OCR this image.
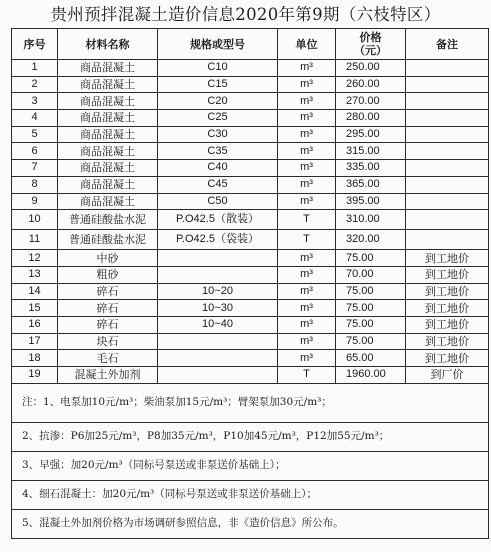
贵州预拌混凝土造价信息2020年第9期（六枝特区）
序号	材料名称	规格或型号	单位	价格（元）	备注
1	商品混凝土	C10	m³	250.00	
2	商品混凝土	C15	m³	260.00	
3	商品混凝土	C20	m³	270.00	
4	商品混凝土	C25	m³	280.00	
5	商品混凝土	C30	m³	295.00	
6	商品混凝土	C35	m³	315.00	
7	商品混凝土	C40	m³	335.00	
8	商品混凝土	C45	m³	365.00	
9	商品混凝土	C50	m³	395.00	
10	普通硅酸盐水泥	P.O42.5（散装）	T	310.00	
11	普通硅酸盐水泥	P.O42.5（袋装）	T	320.00	
12	中砂		m³	75.00	到工地价
13	粗砂		m³	70.00	到工地价
14	碎石	10~20	m³	75.00	到工地价
15	碎石	10~30	m³	75.00	到工地价
16	碎石	10~40	m³	75.00	到工地价
17	块石		m³	75.00	到工地价
18	毛石		m³	65.00	到工地价
19	混凝土外加剂		T	1960.00	到厂价
注：1、电泵加10元/m³；柴油泵加15元/m³；臂架泵加30元/m³；					
2、抗渗：P6加25元/m³，P8加35元/m³，P10加45元/m³，P12加55元/m³；					
3、早强：加20元/m³（同标号泵送或非泵送价基础上）；					
4、细石混凝土：加20元/m³（同标号泵送或非泵送价基础上）；					
5、混凝土外加剂价格为市场调研参照信息，非《造价信息》所公布。					
